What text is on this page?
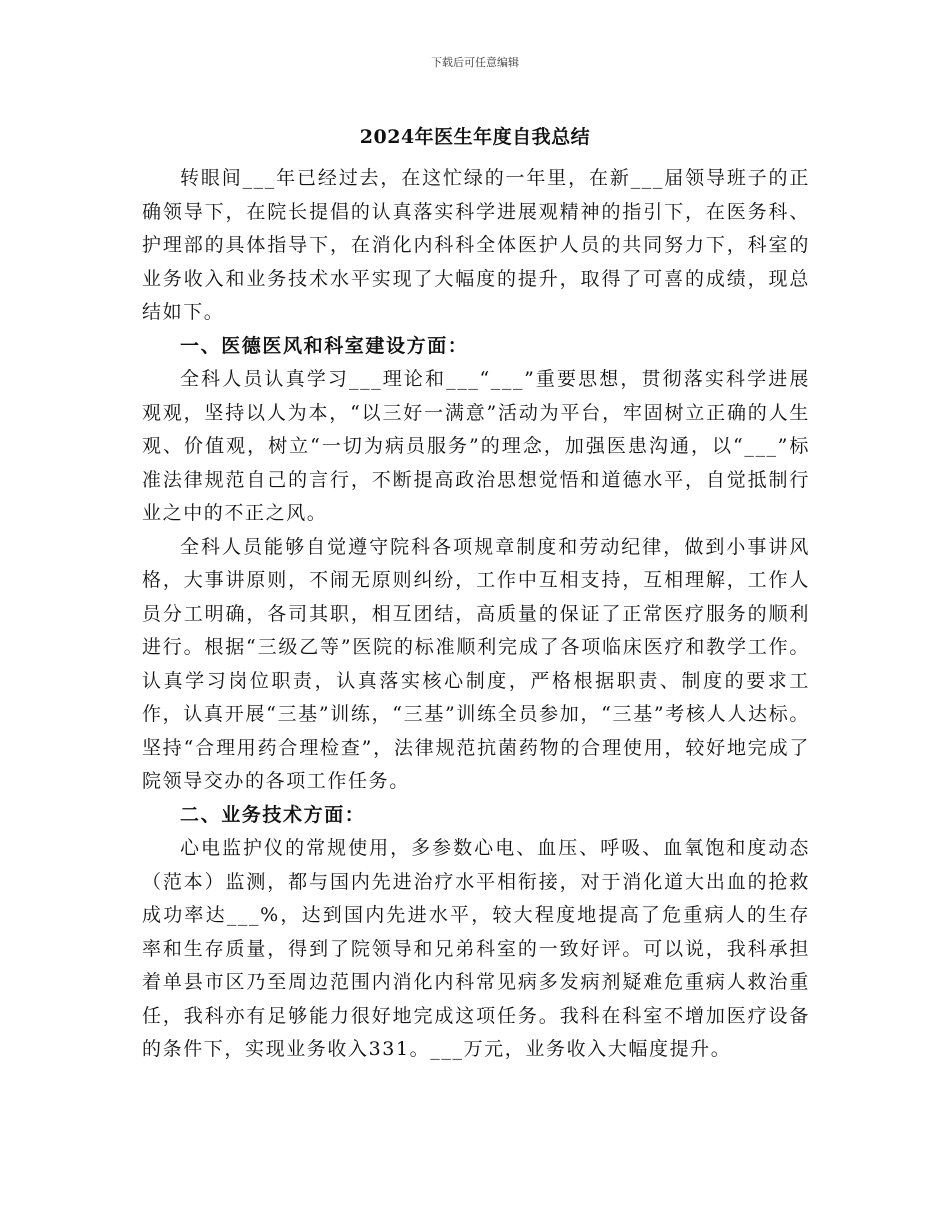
下载后可任意编辑
2024年医生年度自我总结

转眼间___年已经过去，在这忙绿的一年里，在新___届领导班子的正确领导下，在院长提倡的认真落实科学进展观精神的指引下，在医务科、护理部的具体指导下，在消化内科科全体医护人员的共同努力下，科室的业务收入和业务技术水平实现了大幅度的提升，取得了可喜的成绩，现总结如下。

一、医德医风和科室建设方面：

全科人员认真学习___理论和___“___”重要思想，贯彻落实科学进展观观，坚持以人为本，“以三好一满意”活动为平台，牢固树立正确的人生观、价值观，树立“一切为病员服务”的理念，加强医患沟通，以“___”标准法律规范自己的言行，不断提高政治思想觉悟和道德水平，自觉抵制行业之中的不正之风。

全科人员能够自觉遵守院科各项规章制度和劳动纪律，做到小事讲风格，大事讲原则，不闹无原则纠纷，工作中互相支持，互相理解，工作人员分工明确，各司其职，相互团结，高质量的保证了正常医疗服务的顺利进行。根据“三级乙等”医院的标准顺利完成了各项临床医疗和教学工作。认真学习岗位职责，认真落实核心制度，严格根据职责、制度的要求工作，认真开展“三基”训练，“三基”训练全员参加，“三基”考核人人达标。坚持“合理用药合理检查”，法律规范抗菌药物的合理使用，较好地完成了院领导交办的各项工作任务。

二、业务技术方面：

心电监护仪的常规使用，多参数心电、血压、呼吸、血氧饱和度动态（范本）监测，都与国内先进治疗水平相衔接，对于消化道大出血的抢救成功率达___%，达到国内先进水平，较大程度地提高了危重病人的生存率和生存质量，得到了院领导和兄弟科室的一致好评。可以说，我科承担着单县市区乃至周边范围内消化内科常见病多发病剂疑难危重病人救治重任，我科亦有足够能力很好地完成这项任务。我科在科室不增加医疗设备的条件下，实现业务收入331。___万元，业务收入大幅度提升。
